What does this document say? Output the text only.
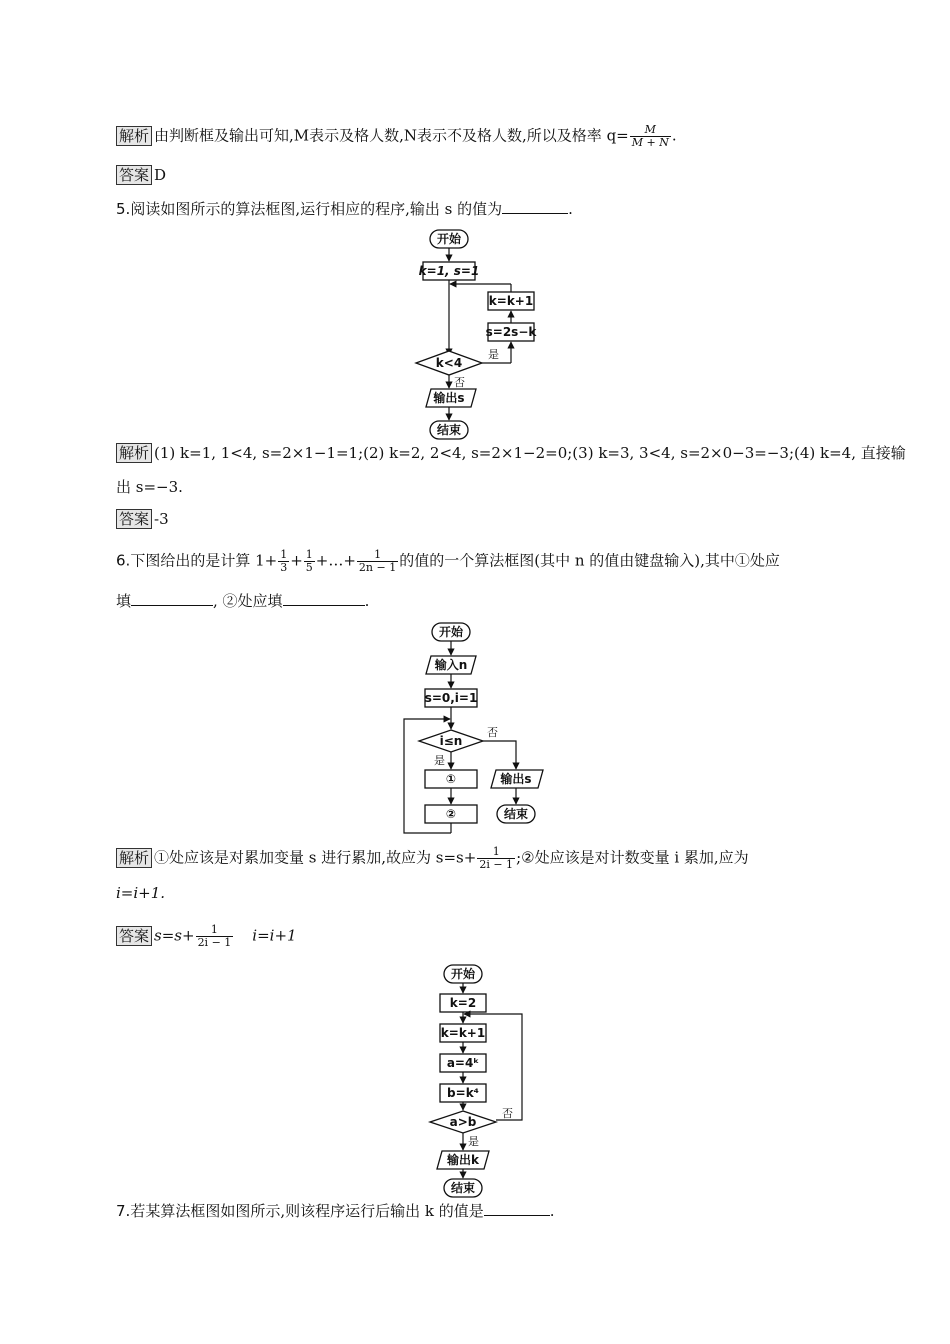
解析 由判断框及输出可知,M表示及格人数,N表示不及格人数,所以及格率 $q= \frac{M}{M + N}$ .
答案 D
5.阅读如图所示的算法框图,运行相应的程序,输出 s 的值为	.
开始
k=1, s=1
k=k+1
s=2s−k
是
k<4
否
输出s
结束
解析 (1) k=1, 1<4, s=2×1−1=1;(2) k=2, 2<4, s=2×1−2=0;(3) k=3, 3<4, s=2×0−3=−3;(4) k=4, 直接输
出 s=−3.
答案 -3
6.下图给出的是计算 $1+ \frac{1}{3} + \frac{1}{5}$ +…+ $\frac{1}{2n - 1}$ 的值的一个算法框图(其中 n 的值由键盘输入),其中①处应
填	, ②处应填	.
开始
输入n
s=0,i=1
i≤n
否
是
①
②
输出s
结束
解析 ①处应该是对累加变量 s 进行累加,故应为 $s=s+ \frac{1}{2i - 1}$ ;②处应该是对计数变量 i 累加,应为
i=i+1.
答案 $s=s+ \frac{1}{2i - 1} i=i+1$
开始
k=2
否
k=k+1
a=4ᵏ
b=k⁴
a>b
是
输出k
结束
7.若某算法框图如图所示,则该程序运行后输出 k 的值是	.
